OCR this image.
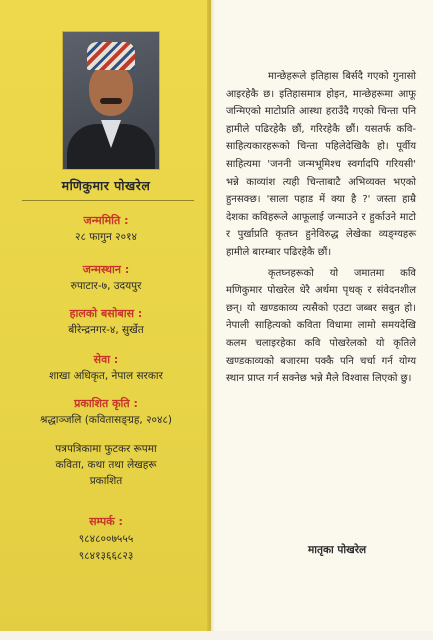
मणिकुमार पोखरेल
जन्ममिति :
२८ फागुन २०१४
जन्मस्थान :
रुपाटार-७, उदयपुर
हालको बसोबास :
बीरेन्द्रनगर-४, सुर्खेत
सेवा :
शाखा अधिकृत, नेपाल सरकार
प्रकाशित कृति :
श्रद्धाञ्जलि (कवितासङ्ग्रह, २०४८)
पत्रपत्रिकामा फुटकर रूपमा
कविता, कथा तथा लेखहरू
प्रकाशित
सम्पर्क :
९८४८००७५५५
९८४१३६६८२३

मान्छेहरूले इतिहास बिर्सदै गएको गुनासो आइरहेकै छ। इतिहासमात्र होइन, मान्छेहरूमा आफू जन्मिएको माटोप्रति आस्था हराउँदै गएको चिन्ता पनि हामीले पढिरहेकै छौं, गरिरहेकै छौं। यसतर्फ कवि-साहित्यकारहरूको चिन्ता पहिलेदेखिकै हो। पूर्वीय साहित्यमा 'जननी जन्मभूमिश्च स्वर्गादपि गरियसी' भन्ने काव्यांश त्यही चिन्ताबाटै अभिव्यक्त भएको हुनसक्छ। 'साला पहाड में क्या है ?' जस्ता हाम्रै देशका कविहरूले आफूलाई जन्माउने र हुर्काउने माटो र पुर्खाप्रति कृतघ्न हुनेविरुद्ध लेखेका व्यङ्ग्यहरू हामीले बारम्बार पढिरहेकै छौं।

कृतघ्नहरूको यो जमातमा कवि मणिकुमार पोखरेल धेरै अर्थमा पृथक् र संवेदनशील छन्। यो खण्डकाव्य त्यसैको एउटा जब्बर सबुत हो। नेपाली साहित्यको कविता विधामा लामो समयदेखि कलम चलाइरहेका कवि पोखरेलको यो कृतिले खण्डकाव्यको बजारमा पक्कै पनि चर्चा गर्न योग्य स्थान प्राप्त गर्न सक्नेछ भन्ने मैले विश्वास लिएको छु।

मातृका पोखरेल
